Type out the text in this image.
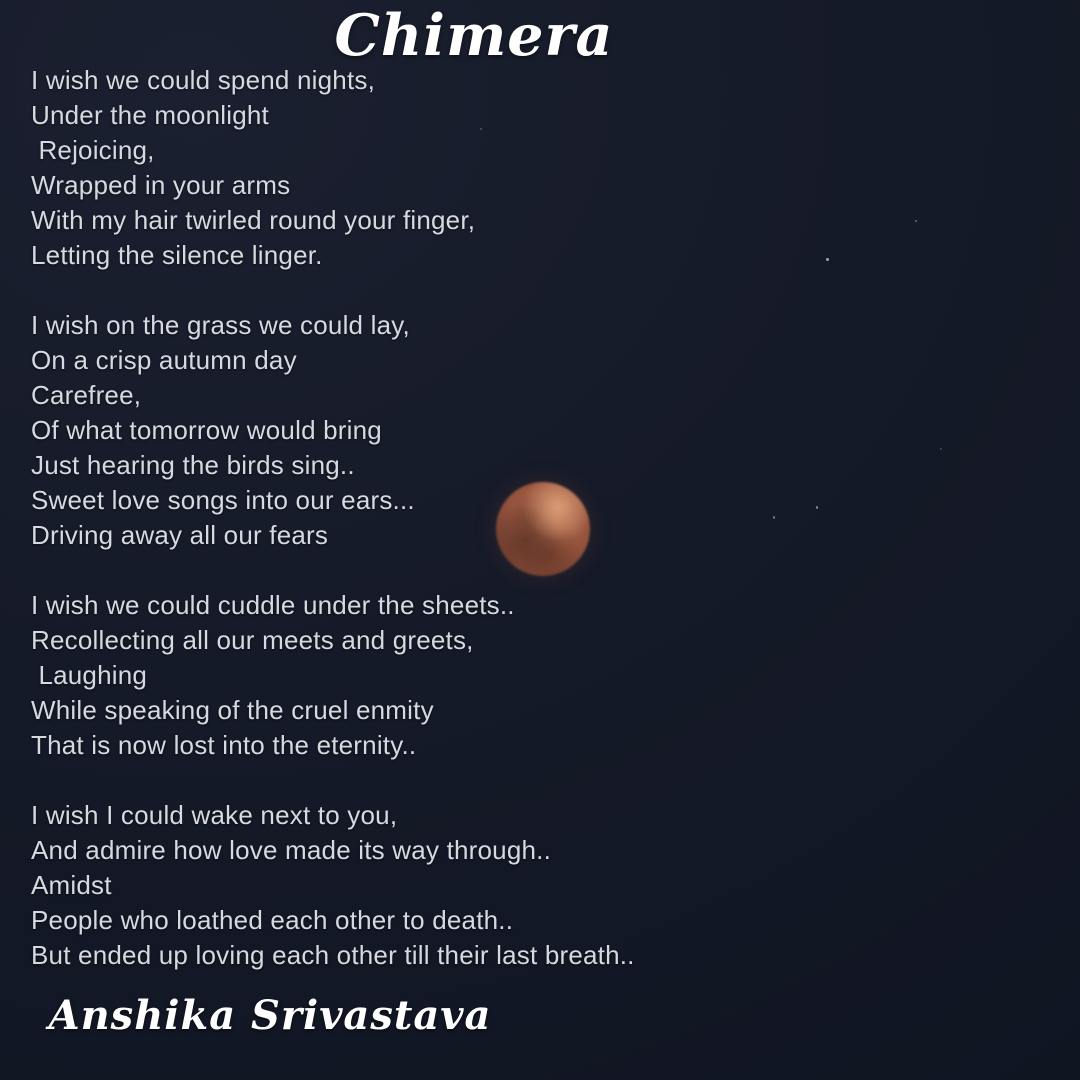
Chimera
I wish we could spend nights,
Under the moonlight
Rejoicing,
Wrapped in your arms
With my hair twirled round your finger,
Letting the silence linger.
I wish on the grass we could lay,
On a crisp autumn day
Carefree,
Of what tomorrow would bring
Just hearing the birds sing..
Sweet love songs into our ears...
Driving away all our fears
I wish we could cuddle under the sheets..
Recollecting all our meets and greets,
Laughing
While speaking of the cruel enmity
That is now lost into the eternity..
I wish I could wake next to you,
And admire how love made its way through..
Amidst
People who loathed each other to death..
But ended up loving each other till their last breath..
Anshika Srivastava
